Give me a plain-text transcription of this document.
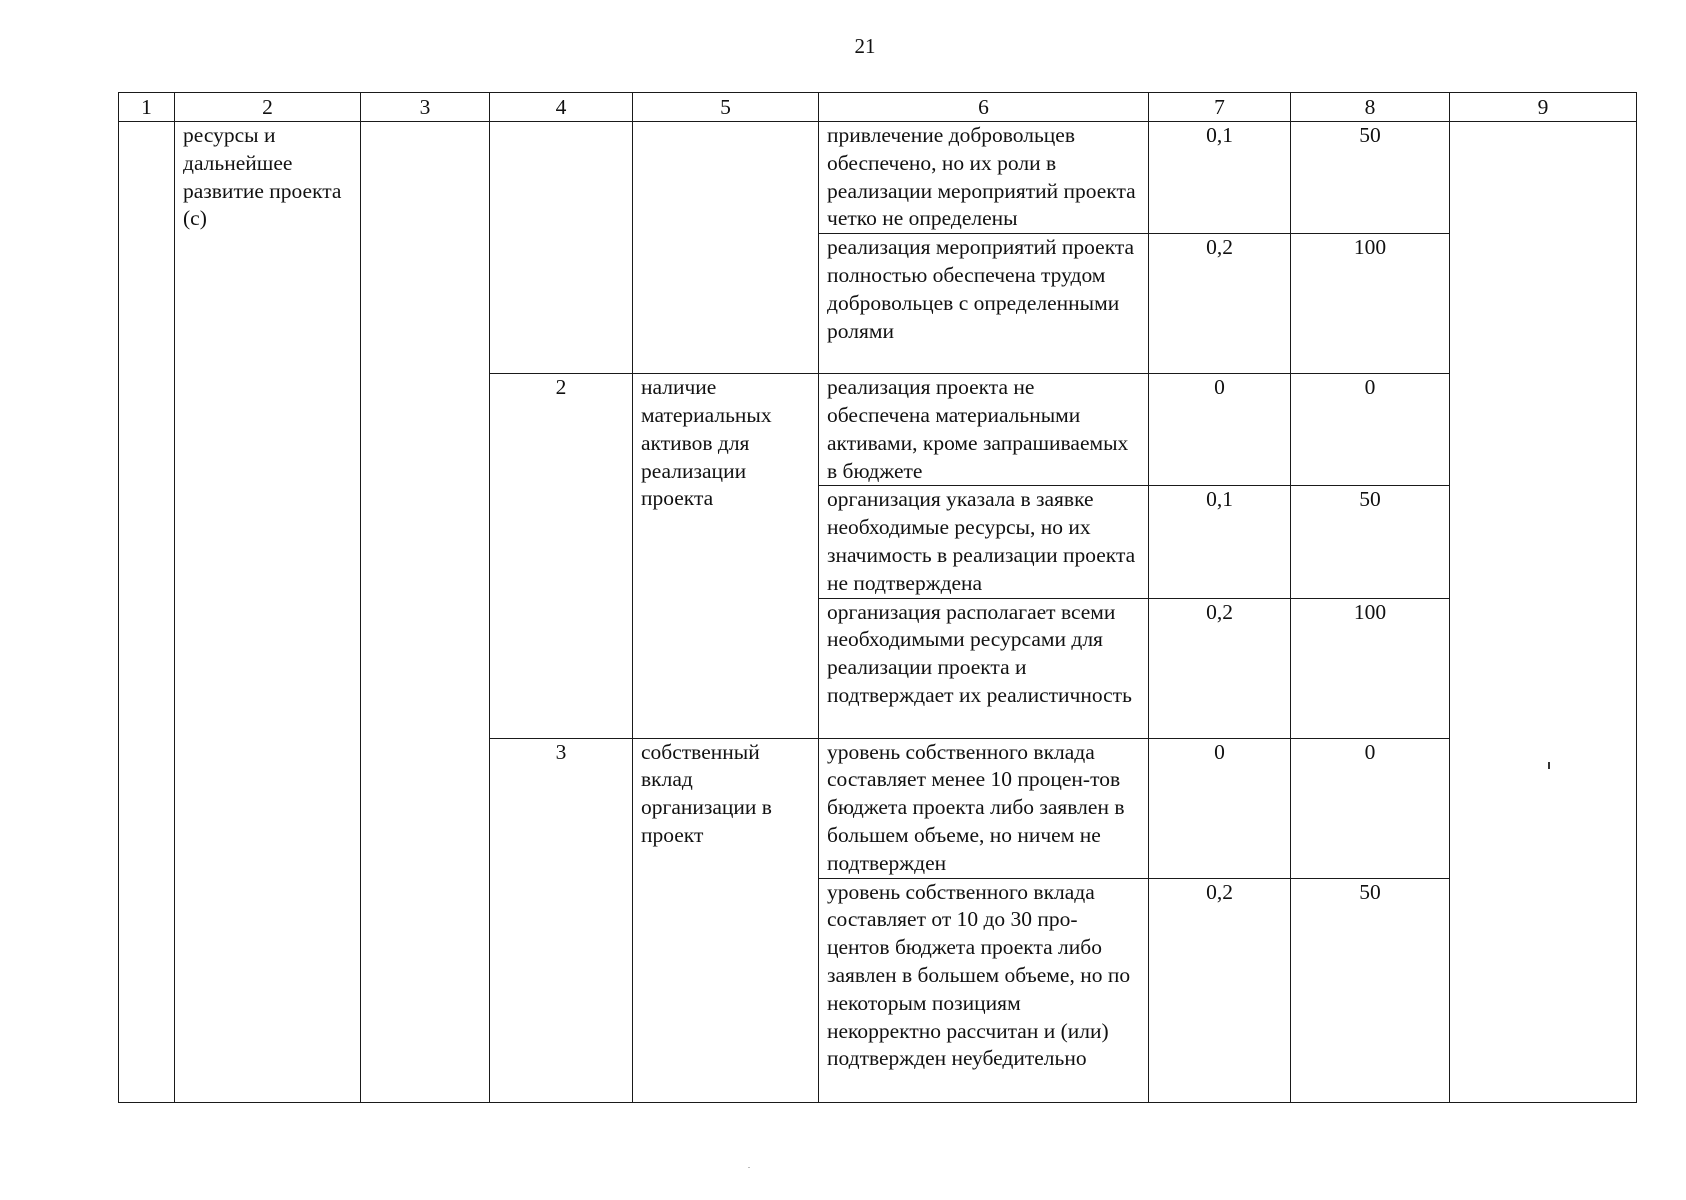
21
1	2	3	4	5	6	7	8	9
	ресурсы и дальнейшее развитие проекта (с)				привлечение добровольцев обеспечено, но их роли в реализации мероприятий проекта четко не определены	0,1	50	
					реализация мероприятий проекта полностью обеспечена трудом добровольцев с определенными ролями	0,2	100	
			2	наличие материальных активов для реализации проекта	реализация проекта не обеспечена материальными активами, кроме запрашиваемых в бюджете	0	0	
					организация указала в заявке необходимые ресурсы, но их значимость в реализации проекта не подтверждена	0,1	50	
					организация располагает всеми необходимыми ресурсами для реализации проекта и подтверждает их реалистичность	0,2	100	
			3	собственный вклад организации в проект	уровень собственного вклада составляет менее 10 процен-тов бюджета проекта либо заявлен в большем объеме, но ничем не подтвержден	0	0	
					уровень собственного вклада составляет от 10 до 30 про-центов бюджета проекта либо заявлен в большем объеме, но по некоторым позициям некорректно рассчитан и (или) подтвержден неубедительно	0,2	50	
